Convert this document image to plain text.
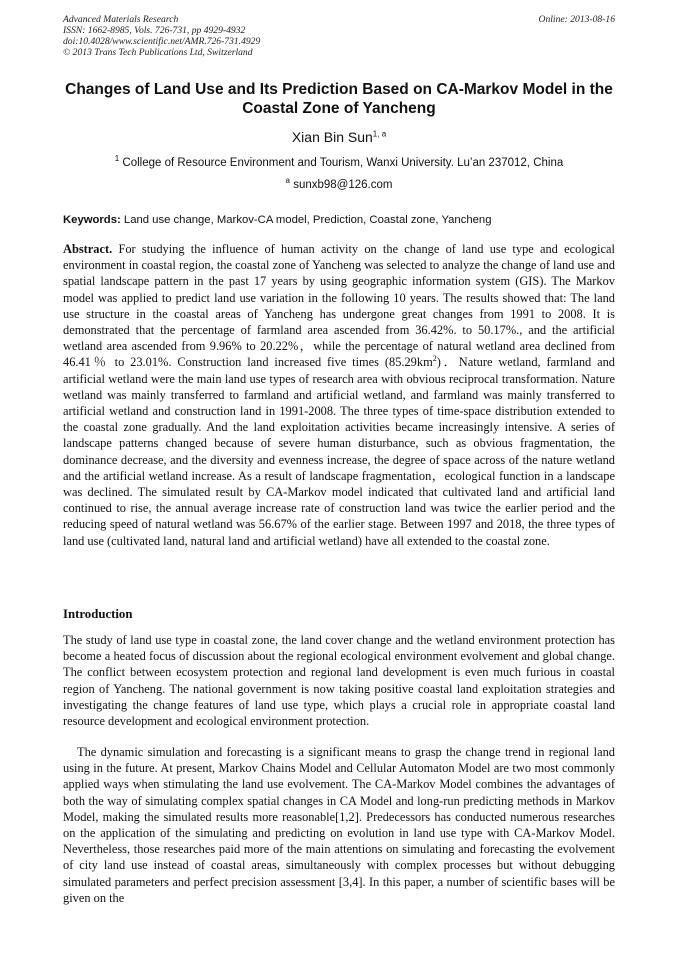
Advanced Materials Research
ISSN: 1662-8985, Vols. 726-731, pp 4929-4932
doi:10.4028/www.scientific.net/AMR.726-731.4929
© 2013 Trans Tech Publications Ltd, Switzerland
Online: 2013-08-16
Changes of Land Use and Its Prediction Based on CA-Markov Model in the Coastal Zone of Yancheng
Xian Bin Sun$^{1, a}$
$^1$ College of Resource Environment and Tourism, Wanxi University. Lu’an 237012, China
$^a$ sunxb98@126.com
Keywords: Land use change, Markov-CA model, Prediction, Coastal zone, Yancheng
Abstract. For studying the influence of human activity on the change of land use type and ecological environment in coastal region, the coastal zone of Yancheng was selected to analyze the change of land use and spatial landscape pattern in the past 17 years by using geographic information system (GIS). The Markov model was applied to predict land use variation in the following 10 years. The results showed that: The land use structure in the coastal areas of Yancheng has undergone great changes from 1991 to 2008. It is demonstrated that the percentage of farmland area ascended from 36.42%. to 50.17%., and the artificial wetland area ascended from 9.96% to 20.22%，while the percentage of natural wetland area declined from 46.41％ to 23.01%. Construction land increased five times $(85.29km^2)$．Nature wetland, farmland and artificial wetland were the main land use types of research area with obvious reciprocal transformation. Nature wetland was mainly transferred to farmland and artificial wetland, and farmland was mainly transferred to artificial wetland and construction land in 1991-2008. The three types of time-space distribution extended to the coastal zone gradually. And the land exploitation activities became increasingly intensive. A series of landscape patterns changed because of severe human disturbance, such as obvious fragmentation, the dominance decrease, and the diversity and evenness increase, the degree of space across of the nature wetland and the artificial wetland increase. As a result of landscape fragmentation，ecological function in a landscape was declined. The simulated result by CA-Markov model indicated that cultivated land and artificial land continued to rise, the annual average increase rate of construction land was twice the earlier period and the reducing speed of natural wetland was 56.67% of the earlier stage. Between 1997 and 2018, the three types of land use (cultivated land, natural land and artificial wetland) have all extended to the coastal zone.
Introduction
The study of land use type in coastal zone, the land cover change and the wetland environment protection has become a heated focus of discussion about the regional ecological environment evolvement and global change. The conflict between ecosystem protection and regional land development is even much furious in coastal region of Yancheng. The national government is now taking positive coastal land exploitation strategies and investigating the change features of land use type, which plays a crucial role in appropriate coastal land resource development and ecological environment protection.
The dynamic simulation and forecasting is a significant means to grasp the change trend in regional land using in the future. At present, Markov Chains Model and Cellular Automaton Model are two most commonly applied ways when stimulating the land use evolvement. The CA-Markov Model combines the advantages of both the way of simulating complex spatial changes in CA Model and long-run predicting methods in Markov Model, making the simulated results more reasonable[1,2]. Predecessors has conducted numerous researches on the application of the simulating and predicting on evolution in land use type with CA-Markov Model. Nevertheless, those researches paid more of the main attentions on simulating and forecasting the evolvement of city land use instead of coastal areas, simultaneously with complex processes but without debugging simulated parameters and perfect precision assessment [3,4]. In this paper, a number of scientific bases will be given on the
